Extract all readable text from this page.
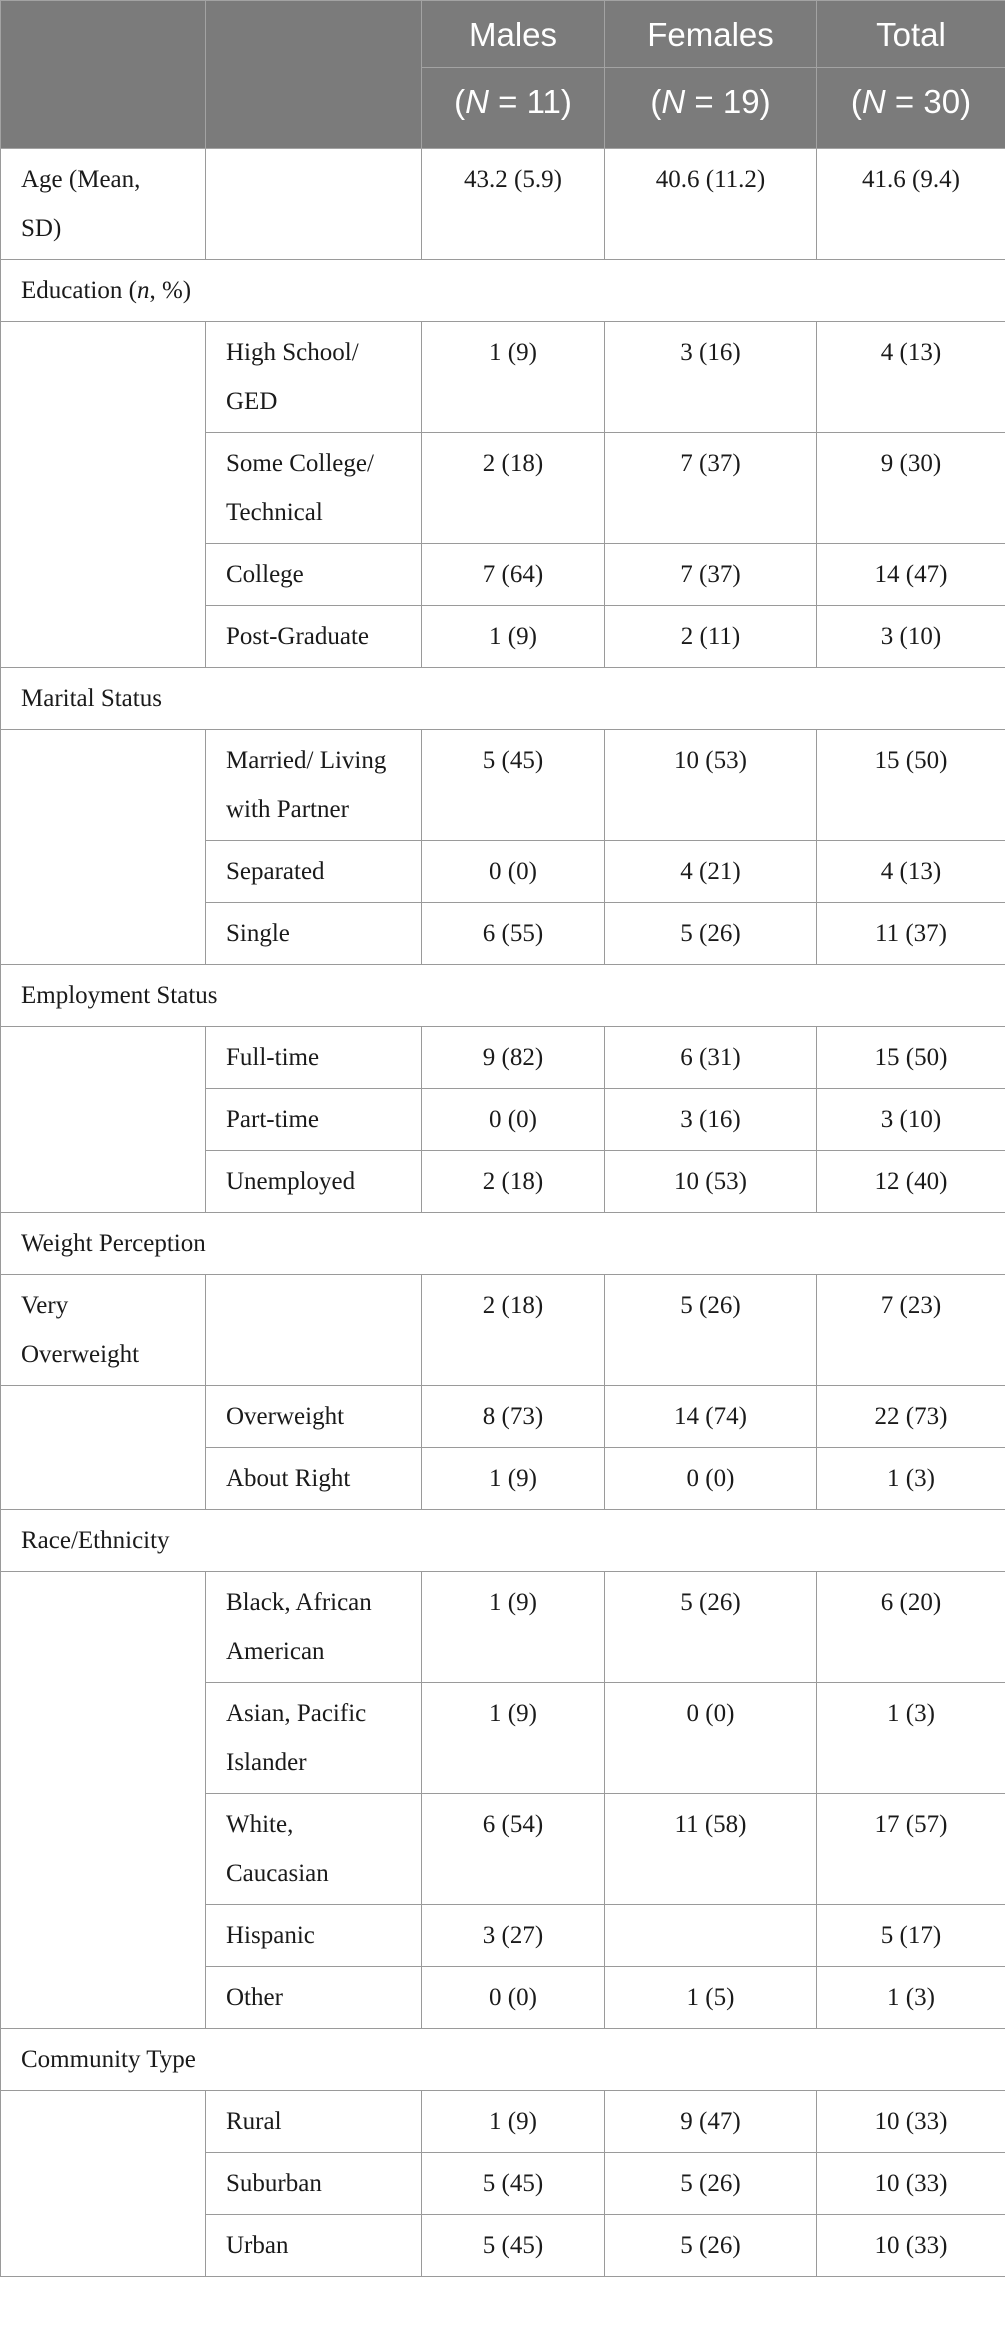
		Males	Females	Total
		(N = 11)	(N = 19)	(N = 30)
Age (Mean, SD)		43.2 (5.9)	40.6 (11.2)	41.6 (9.4)
Education (n, %)				
	High School/ GED	1 (9)	3 (16)	4 (13)
	Some College/ Technical	2 (18)	7 (37)	9 (30)
	College	7 (64)	7 (37)	14 (47)
	Post-Graduate	1 (9)	2 (11)	3 (10)
Marital Status				
	Married/ Living with Partner	5 (45)	10 (53)	15 (50)
	Separated	0 (0)	4 (21)	4 (13)
	Single	6 (55)	5 (26)	11 (37)
Employment Status				
	Full-time	9 (82)	6 (31)	15 (50)
	Part-time	0 (0)	3 (16)	3 (10)
	Unemployed	2 (18)	10 (53)	12 (40)
Weight Perception				
Very Overweight		2 (18)	5 (26)	7 (23)
	Overweight	8 (73)	14 (74)	22 (73)
	About Right	1 (9)	0 (0)	1 (3)
Race/Ethnicity				
	Black, African American	1 (9)	5 (26)	6 (20)
	Asian, Pacific Islander	1 (9)	0 (0)	1 (3)
	White, Caucasian	6 (54)	11 (58)	17 (57)
	Hispanic	3 (27)		5 (17)
	Other	0 (0)	1 (5)	1 (3)
Community Type				
	Rural	1 (9)	9 (47)	10 (33)
	Suburban	5 (45)	5 (26)	10 (33)
	Urban	5 (45)	5 (26)	10 (33)
